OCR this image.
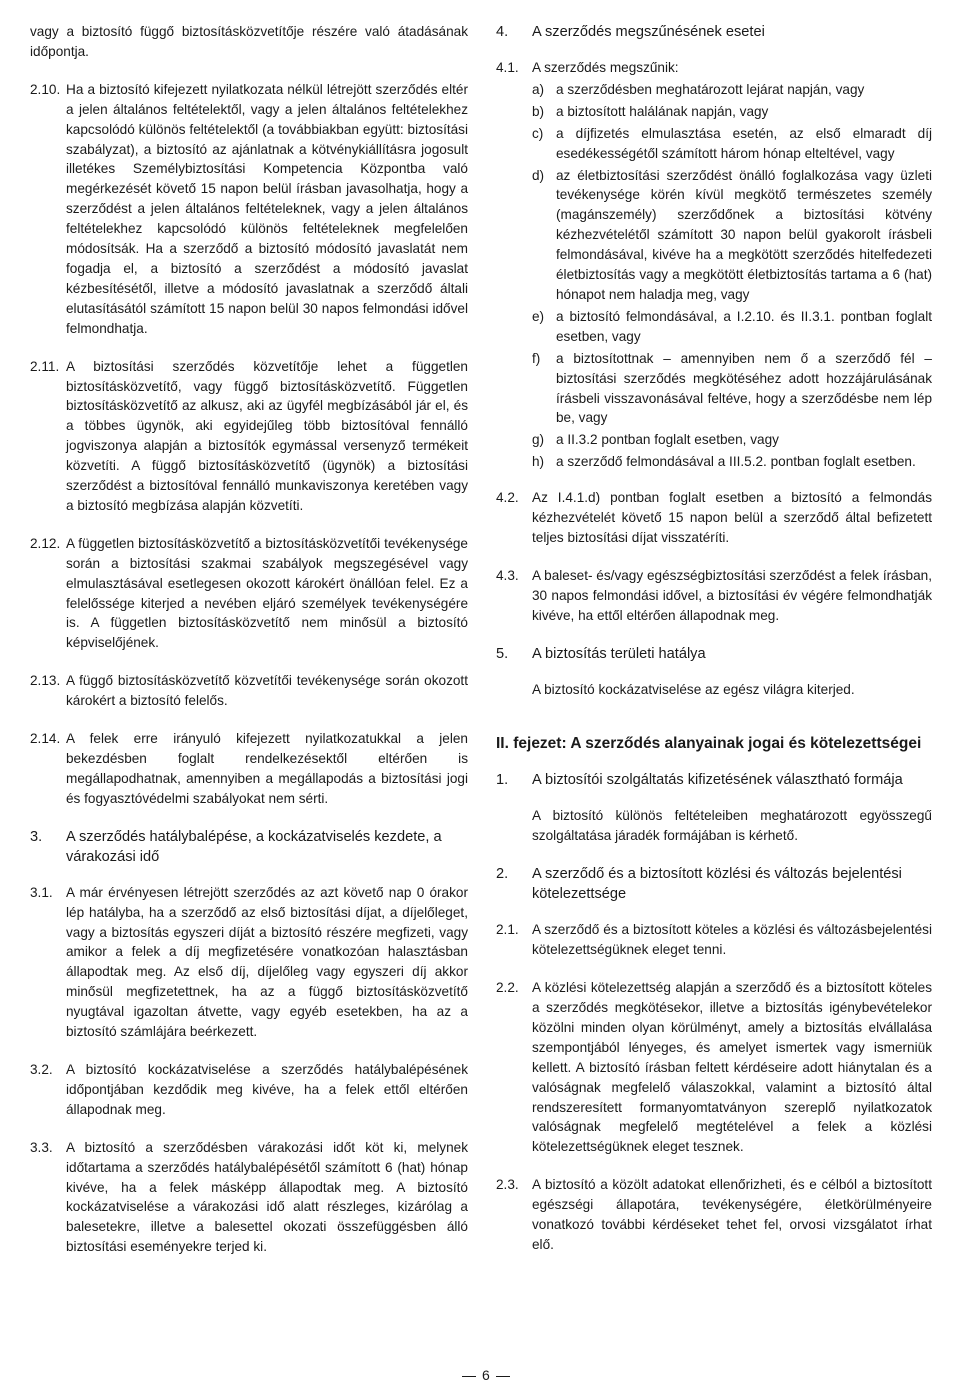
vagy a biztosító függő biztosításközvetítője részére való átadásának időpontja.

2.10. Ha a biztosító kifejezett nyilatkozata nélkül létrejött szerződés eltér a jelen általános feltételektől, vagy a jelen általános feltételekhez kapcsolódó különös feltételektől (a továbbiakban együtt: biztosítási szabályzat), a biztosító az ajánlatnak a kötvénykiállításra jogosult illetékes Személybiztosítási Kompetencia Központba való megérkezését követő 15 napon belül írásban javasolhatja, hogy a szerződést a jelen általános feltételeknek, vagy a jelen általános feltételekhez kapcsolódó különös feltételeknek megfelelően módosítsák. Ha a szerződő a biztosító módosító javaslatát nem fogadja el, a biztosító a szerződést a módosító javaslat kézbesítésétől, illetve a módosító javaslatnak a szerződő általi elutasításától számított 15 napon belül 30 napos felmondási idővel felmondhatja.
2.11. A biztosítási szerződés közvetítője lehet a független biztosításközvetítő, vagy függő biztosításközvetítő. Független biztosításközvetítő az alkusz, aki az ügyfél megbízásából jár el, és a többes ügynök, aki egyidejűleg több biztosítóval fennálló jogviszonya alapján a biztosítók egymással versenyző termékeit közvetíti. A függő biztosításközvetítő (ügynök) a biztosítási szerződést a biztosítóval fennálló munkaviszonya keretében vagy a biztosító megbízása alapján közvetíti.
2.12. A független biztosításközvetítő a biztosításközvetítői tevékenysége során a biztosítási szakmai szabályok megszegésével vagy elmulasztásával esetlegesen okozott károkért önállóan felel. Ez a felelőssége kiterjed a nevében eljáró személyek tevékenységére is. A független biztosításközvetítő nem minősül a biztosító képviselőjének.
2.13. A függő biztosításközvetítő közvetítői tevékenysége során okozott károkért a biztosító felelős.
2.14. A felek erre irányuló kifejezett nyilatkozatukkal a jelen bekezdésben foglalt rendelkezésektől eltérően is megállapodhatnak, amennyiben a megállapodás a biztosítási jogi és fogyasztóvédelmi szabályokat nem sérti.
3. A szerződés hatálybalépése, a kockázatviselés kezdete, a várakozási idő
3.1. A már érvényesen létrejött szerződés az azt követő nap 0 órakor lép hatályba, ha a szerződő az első biztosítási díjat, a díjelőleget, vagy a biztosítás egyszeri díját a biztosító részére megfizeti, vagy amikor a felek a díj megfizetésére vonatkozóan halasztásban állapodtak meg. Az első díj, díjelőleg vagy egyszeri díj akkor minősül megfizetettnek, ha az a függő biztosításközvetítő nyugtával igazoltan átvette, vagy egyéb esetekben, ha az a biztosító számlájára beérkezett.
3.2. A biztosító kockázatviselése a szerződés hatálybalépésének időpontjában kezdődik meg kivéve, ha a felek ettől eltérően állapodnak meg.
3.3. A biztosító a szerződésben várakozási időt köt ki, melynek időtartama a szerződés hatálybalépésétől számított 6 (hat) hónap kivéve, ha a felek másképp állapodtak meg. A biztosító kockázatviselése a várakozási idő alatt részleges, kizárólag a balesetekre, illetve a balesettel okozati összefüggésben álló biztosítási eseményekre terjed ki.
4. A szerződés megszűnésének esetei
4.1. A szerződés megszűnik:
a) a szerződésben meghatározott lejárat napján, vagy
b) a biztosított halálának napján, vagy
c) a díjfizetés elmulasztása esetén, az első elmaradt díj esedékességétől számított három hónap elteltével, vagy
d) az életbiztosítási szerződést önálló foglalkozása vagy üzleti tevékenysége körén kívül megkötő természetes személy (magánszemély) szerződőnek a biztosítási kötvény kézhezvételétől számított 30 napon belül gyakorolt írásbeli felmondásával, kivéve ha a megkötött szerződés hitelfedezeti életbiztosítás vagy a megkötött életbiztosítás tartama a 6 (hat) hónapot nem haladja meg, vagy
e) a biztosító felmondásával, a I.2.10. és II.3.1. pontban foglalt esetben, vagy
f) a biztosítottnak – amennyiben nem ő a szerződő fél – biztosítási szerződés megkötéséhez adott hozzájárulásának írásbeli visszavonásával feltéve, hogy a szerződésbe nem lép be, vagy
g) a II.3.2 pontban foglalt esetben, vagy
h) a szerződő felmondásával a III.5.2. pontban foglalt esetben.
4.2. Az I.4.1.d) pontban foglalt esetben a biztosító a felmondás kézhezvételét követő 15 napon belül a szerződő által befizetett teljes biztosítási díjat visszatéríti.
4.3. A baleset- és/vagy egészségbiztosítási szerződést a felek írásban, 30 napos felmondási idővel, a biztosítási év végére felmondhatják kivéve, ha ettől eltérően állapodnak meg.
5. A biztosítás területi hatálya

A biztosító kockázatviselése az egész világra kiterjed.

II. fejezet: A szerződés alanyainak jogai és kötelezettségei
1. A biztosítói szolgáltatás kifizetésének választható formája

A biztosító különös feltételeiben meghatározott egyösszegű szolgáltatása járadék formájában is kérhető.

2. A szerződő és a biztosított közlési és változás bejelentési kötelezettsége
2.1. A szerződő és a biztosított köteles a közlési és változásbejelentési kötelezettségüknek eleget tenni.
2.2. A közlési kötelezettség alapján a szerződő és a biztosított köteles a szerződés megkötésekor, illetve a biztosítás igénybevételekor közölni minden olyan körülményt, amely a biztosítás elvállalása szempontjából lényeges, és amelyet ismertek vagy ismerniük kellett. A biztosító írásban feltett kérdéseire adott hiánytalan és a valóságnak megfelelő válaszokkal, valamint a biztosító által rendszeresített formanyomtatványon szereplő nyilatkozatok valóságnak megfelelő megtételével a felek a közlési kötelezettségüknek eleget tesznek.
2.3. A biztosító a közölt adatokat ellenőrizheti, és e célból a biztosított egészségi állapotára, tevékenységére, életkörülményeire vonatkozó további kérdéseket tehet fel, orvosi vizsgálatot írhat elő.
6
